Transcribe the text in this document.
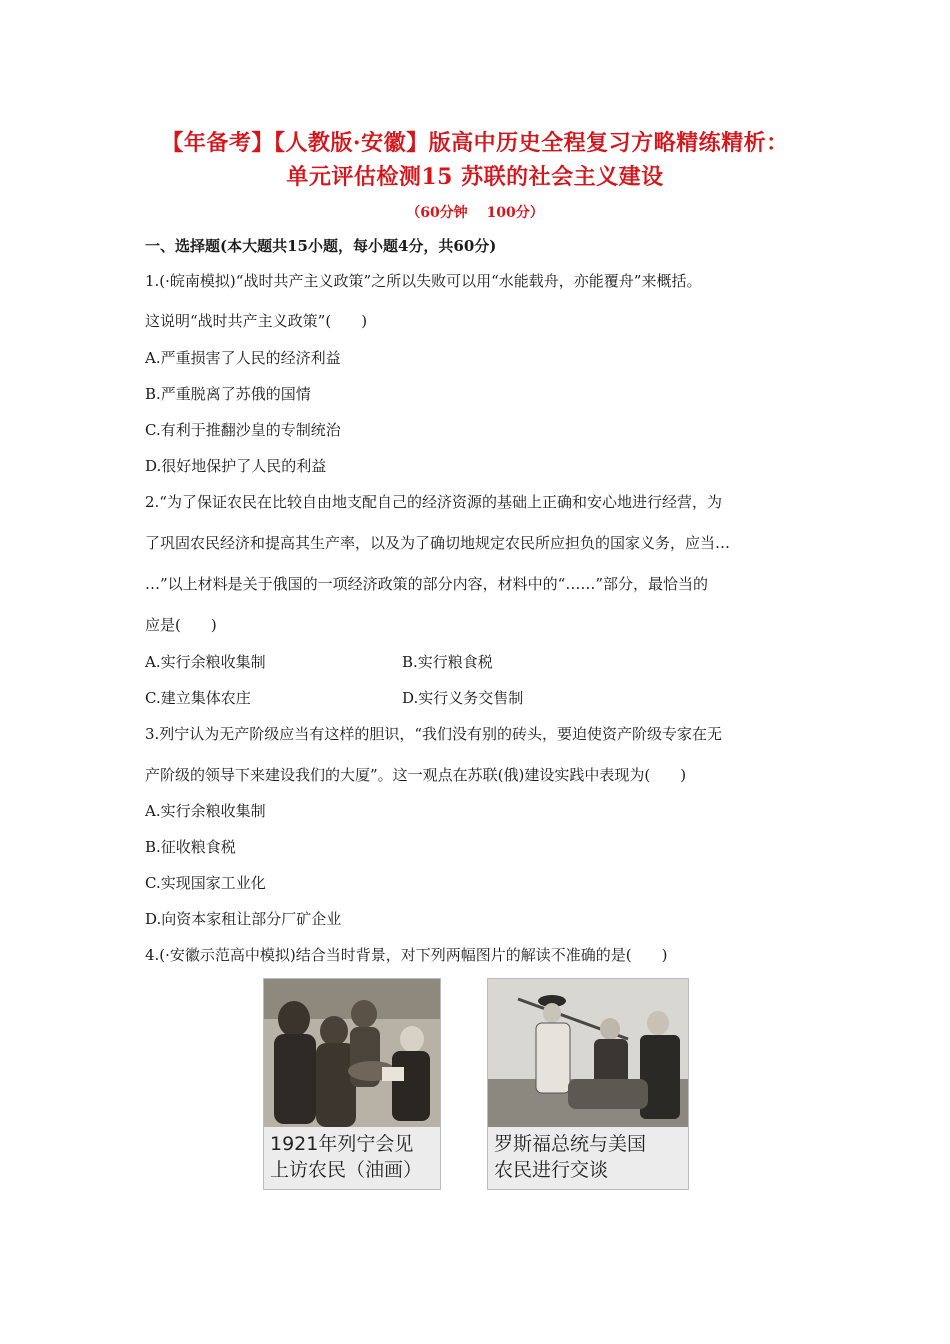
【年备考】【人教版·安徽】版高中历史全程复习方略精练精析：
单元评估检测15 苏联的社会主义建设
（60分钟　 100分）
一、选择题(本大题共15小题，每小题4分，共60分)
1.(·皖南模拟)“战时共产主义政策”之所以失败可以用“水能载舟，亦能覆舟”来概括。
这说明“战时共产主义政策”(　　)
A.严重损害了人民的经济利益
B.严重脱离了苏俄的国情
C.有利于推翻沙皇的专制统治
D.很好地保护了人民的利益
2.“为了保证农民在比较自由地支配自己的经济资源的基础上正确和安心地进行经营，为
了巩固农民经济和提高其生产率，以及为了确切地规定农民所应担负的国家义务，应当…
…”以上材料是关于俄国的一项经济政策的部分内容，材料中的“……”部分，最恰当的
应是(　　)
A.实行余粮收集制	B.实行粮食税
C.建立集体农庄	D.实行义务交售制
3.列宁认为无产阶级应当有这样的胆识，“我们没有别的砖头，要迫使资产阶级专家在无
产阶级的领导下来建设我们的大厦”。这一观点在苏联(俄)建设实践中表现为(　　)
A.实行余粮收集制
B.征收粮食税
C.实现国家工业化
D.向资本家租让部分厂矿企业
4.(·安徽示范高中模拟)结合当时背景，对下列两幅图片的解读不准确的是(　　)
1921年列宁会见
上访农民（油画）
罗斯福总统与美国
农民进行交谈
